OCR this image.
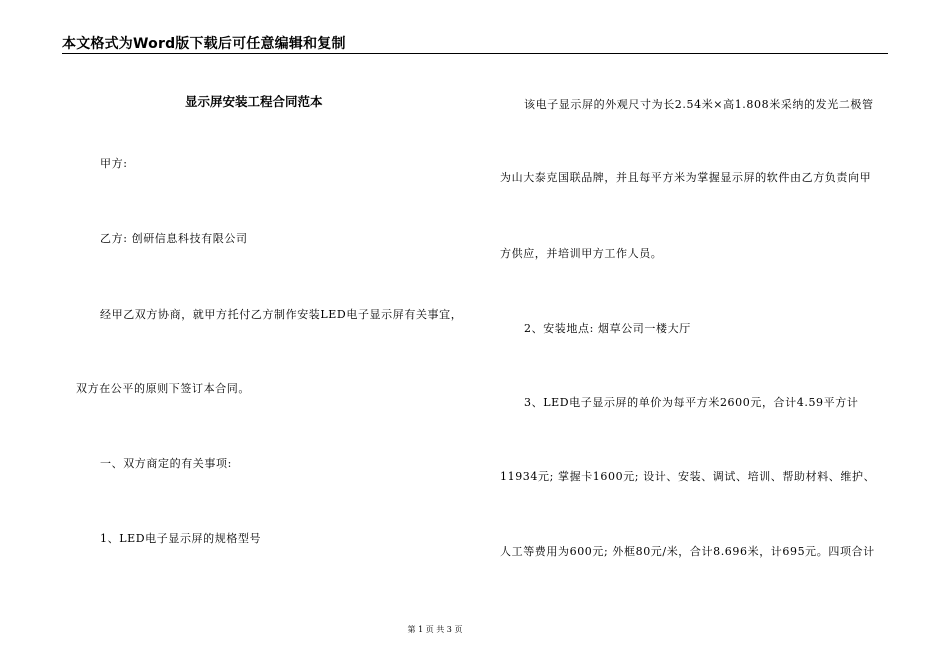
本文格式为Word版下载后可任意编辑和复制
显示屏安装工程合同范本
甲方:
乙方: 创研信息科技有限公司
经甲乙双方协商，就甲方托付乙方制作安装LED电子显示屏有关事宜，
双方在公平的原则下签订本合同。
一、双方商定的有关事项:
1、LED电子显示屏的规格型号
该电子显示屏的外观尺寸为长2.54米×高1.808米采纳的发光二极管
为山大泰克国联品牌，并且每平方米为掌握显示屏的软件由乙方负责向甲
方供应，并培训甲方工作人员。
2、安装地点: 烟草公司一楼大厅
3、LED电子显示屏的单价为每平方米2600元，合计4.59平方计
11934元; 掌握卡1600元; 设计、安装、调试、培训、帮助材料、维护、
人工等费用为600元; 外框80元/米，合计8.696米，计695元。四项合计
第 1 页 共 3 页
